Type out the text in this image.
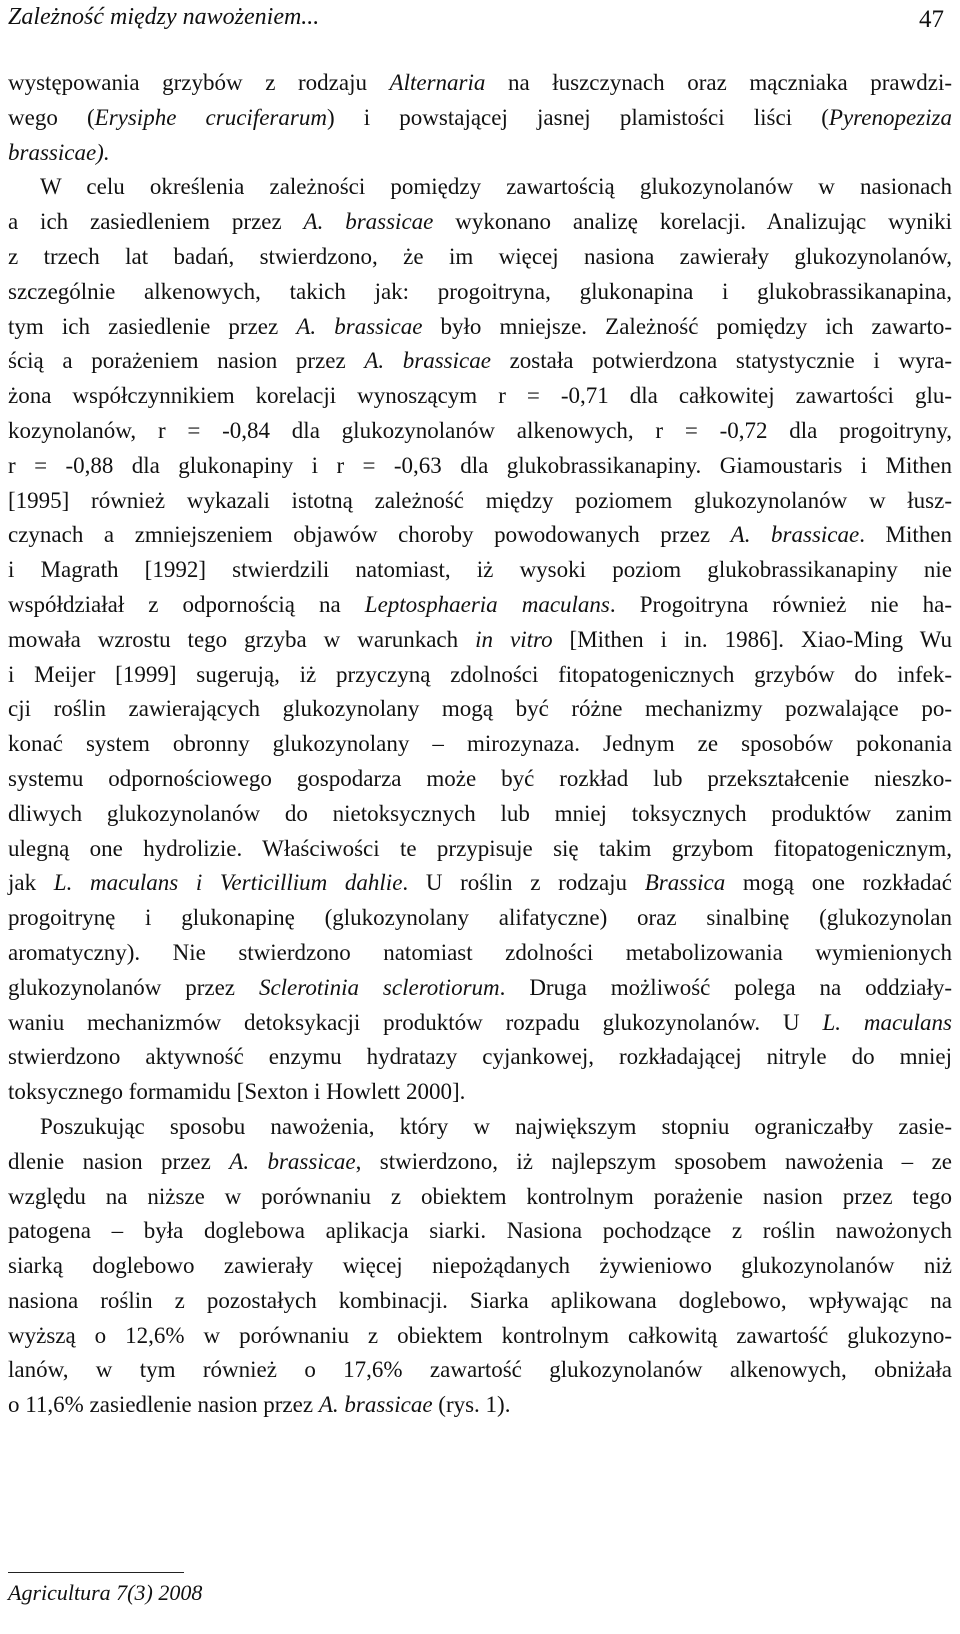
Zależność między nawożeniem...	47

występowania grzybów z rodzaju Alternaria na łuszczynach oraz mączniaka prawdzi-
wego (Erysiphe cruciferarum) i powstającej jasnej plamistości liści (Pyrenopeziza
brassicae).

W celu określenia zależności pomiędzy zawartością glukozynolanów w nasionach
a ich zasiedleniem przez A. brassicae wykonano analizę korelacji. Analizując wyniki
z trzech lat badań, stwierdzono, że im więcej nasiona zawierały glukozynolanów,
szczególnie alkenowych, takich jak: progoitryna, glukonapina i glukobrassikanapina,
tym ich zasiedlenie przez A. brassicae było mniejsze. Zależność pomiędzy ich zawarto-
ścią a porażeniem nasion przez A. brassicae została potwierdzona statystycznie i wyra-
żona współczynnikiem korelacji wynoszącym r = -0,71 dla całkowitej zawartości glu-
kozynolanów, r = -0,84 dla glukozynolanów alkenowych, r = -0,72 dla progoitryny,
r = -0,88 dla glukonapiny i r = -0,63 dla glukobrassikanapiny. Giamoustaris i Mithen
[1995] również wykazali istotną zależność między poziomem glukozynolanów w łusz-
czynach a zmniejszeniem objawów choroby powodowanych przez A. brassicae. Mithen
i Magrath [1992] stwierdzili natomiast, iż wysoki poziom glukobrassikanapiny nie
współdziałał z odpornością na Leptosphaeria maculans. Progoitryna również nie ha-
mowała wzrostu tego grzyba w warunkach in vitro [Mithen i in. 1986]. Xiao-Ming Wu
i Meijer [1999] sugerują, iż przyczyną zdolności fitopatogenicznych grzybów do infek-
cji roślin zawierających glukozynolany mogą być różne mechanizmy pozwalające po-
konać system obronny glukozynolany – mirozynaza. Jednym ze sposobów pokonania
systemu odpornościowego gospodarza może być rozkład lub przekształcenie nieszko-
dliwych glukozynolanów do nietoksycznych lub mniej toksycznych produktów zanim
ulegną one hydrolizie. Właściwości te przypisuje się takim grzybom fitopatogenicznym,
jak L. maculans i Verticillium dahlie. U roślin z rodzaju Brassica mogą one rozkładać
progoitrynę i glukonapinę (glukozynolany alifatyczne) oraz sinalbinę (glukozynolan
aromatyczny). Nie stwierdzono natomiast zdolności metabolizowania wymienionych
glukozynolanów przez Sclerotinia sclerotiorum. Druga możliwość polega na oddziały-
waniu mechanizmów detoksykacji produktów rozpadu glukozynolanów. U L. maculans
stwierdzono aktywność enzymu hydratazy cyjankowej, rozkładającej nitryle do mniej
toksycznego formamidu [Sexton i Howlett 2000].

Poszukując sposobu nawożenia, który w największym stopniu ograniczałby zasie-
dlenie nasion przez A. brassicae, stwierdzono, iż najlepszym sposobem nawożenia – ze
względu na niższe w porównaniu z obiektem kontrolnym porażenie nasion przez tego
patogena – była doglebowa aplikacja siarki. Nasiona pochodzące z roślin nawożonych
siarką doglebowo zawierały więcej niepożądanych żywieniowo glukozynolanów niż
nasiona roślin z pozostałych kombinacji. Siarka aplikowana doglebowo, wpływając na
wyższą o 12,6% w porównaniu z obiektem kontrolnym całkowitą zawartość glukozyno-
lanów, w tym również o 17,6% zawartość glukozynolanów alkenowych, obniżała
o 11,6% zasiedlenie nasion przez A. brassicae (rys. 1).

Agricultura 7(3) 2008
